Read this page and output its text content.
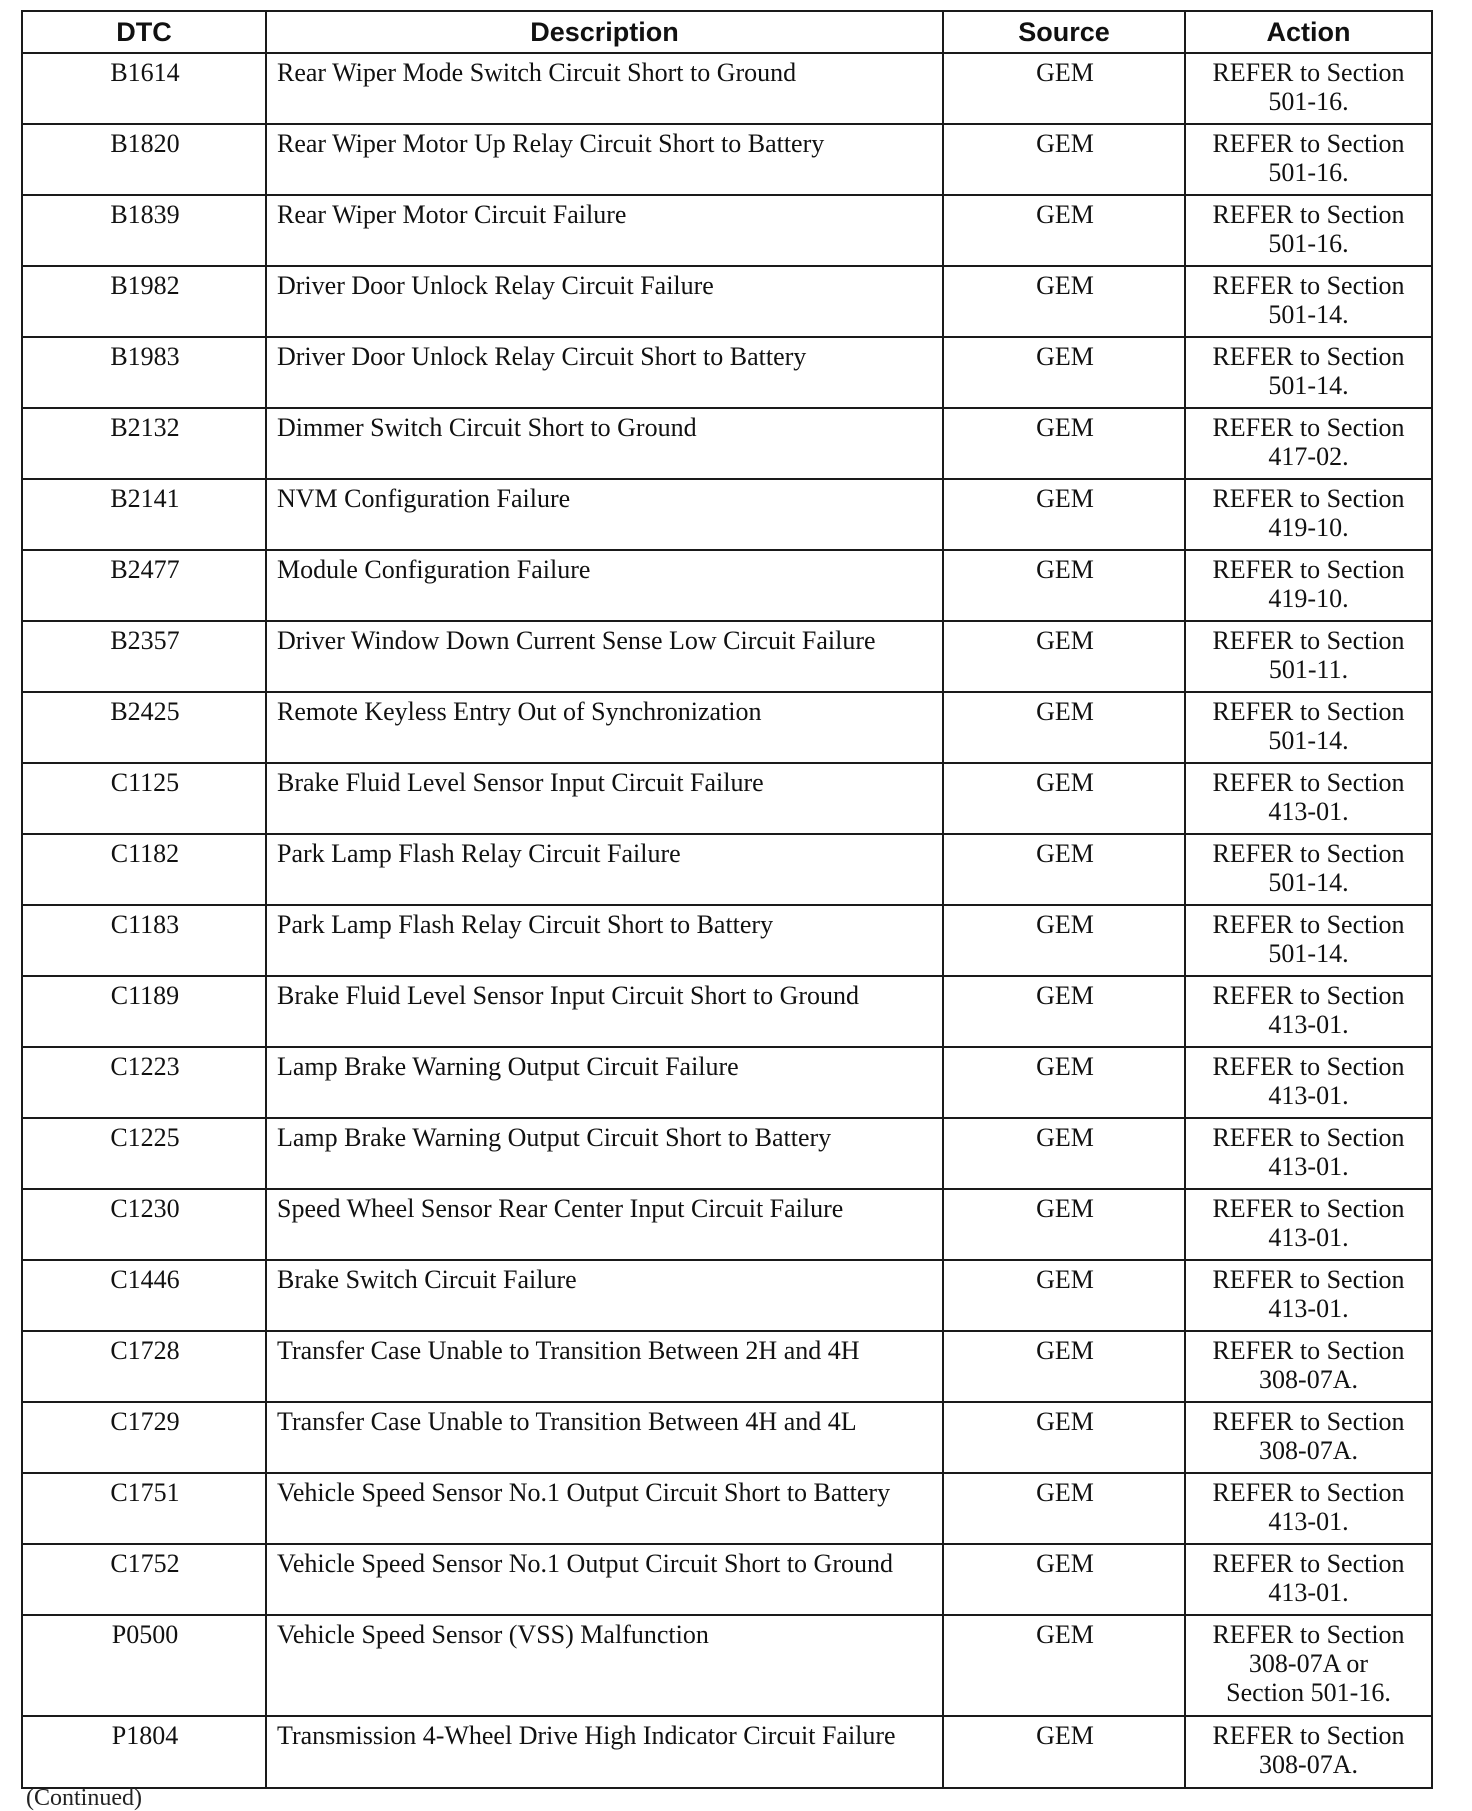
DTC	Description	Source	Action
B1614	Rear Wiper Mode Switch Circuit Short to Ground	GEM	REFER to Section
501-16.

B1820	Rear Wiper Motor Up Relay Circuit Short to Battery	GEM	REFER to Section
501-16.

B1839	Rear Wiper Motor Circuit Failure	GEM	REFER to Section
501-16.

B1982	Driver Door Unlock Relay Circuit Failure	GEM	REFER to Section
501-14.

B1983	Driver Door Unlock Relay Circuit Short to Battery	GEM	REFER to Section
501-14.

B2132	Dimmer Switch Circuit Short to Ground	GEM	REFER to Section
417-02.

B2141	NVM Configuration Failure	GEM	REFER to Section
419-10.

B2477	Module Configuration Failure	GEM	REFER to Section
419-10.

B2357	Driver Window Down Current Sense Low Circuit Failure	GEM	REFER to Section
501-11.

B2425	Remote Keyless Entry Out of Synchronization	GEM	REFER to Section
501-14.

C1125	Brake Fluid Level Sensor Input Circuit Failure	GEM	REFER to Section
413-01.

C1182	Park Lamp Flash Relay Circuit Failure	GEM	REFER to Section
501-14.

C1183	Park Lamp Flash Relay Circuit Short to Battery	GEM	REFER to Section
501-14.

C1189	Brake Fluid Level Sensor Input Circuit Short to Ground	GEM	REFER to Section
413-01.

C1223	Lamp Brake Warning Output Circuit Failure	GEM	REFER to Section
413-01.

C1225	Lamp Brake Warning Output Circuit Short to Battery	GEM	REFER to Section
413-01.

C1230	Speed Wheel Sensor Rear Center Input Circuit Failure	GEM	REFER to Section
413-01.

C1446	Brake Switch Circuit Failure	GEM	REFER to Section
413-01.

C1728	Transfer Case Unable to Transition Between 2H and 4H	GEM	REFER to Section
308-07A.

C1729	Transfer Case Unable to Transition Between 4H and 4L	GEM	REFER to Section
308-07A.

C1751	Vehicle Speed Sensor No.1 Output Circuit Short to Battery	GEM	REFER to Section
413-01.

C1752	Vehicle Speed Sensor No.1 Output Circuit Short to Ground	GEM	REFER to Section
413-01.

P0500	Vehicle Speed Sensor (VSS) Malfunction	GEM	REFER to Section
308-07A or
Section 501-16.

P1804	Transmission 4-Wheel Drive High Indicator Circuit Failure	GEM	REFER to Section
308-07A.
(Continued)
